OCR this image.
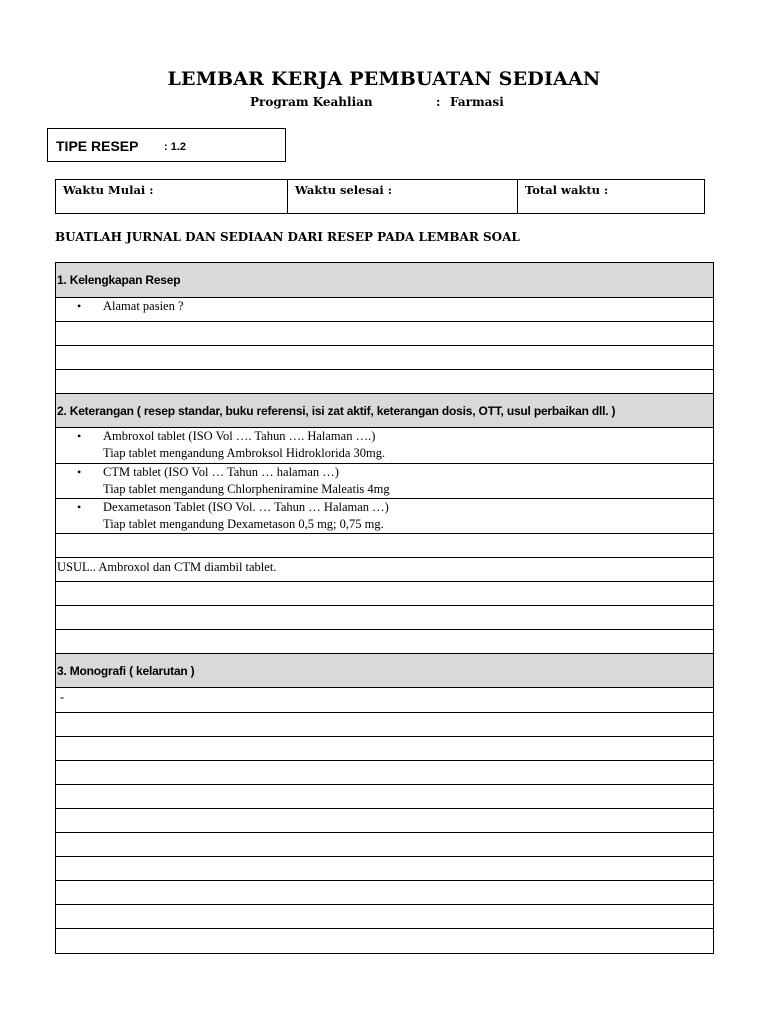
LEMBAR KERJA PEMBUATAN SEDIAAN
Program Keahlian	: Farmasi
TIPE RESEP : 1.2
Waktu Mulai :	Waktu selesai :	Total waktu :
BUATLAH JURNAL DAN SEDIAAN DARI RESEP PADA LEMBAR SOAL
1. Kelengkapan Resep
• Alamat pasien ?
2. Keterangan ( resep standar, buku referensi, isi zat aktif, keterangan dosis, OTT, usul perbaikan dll. )
• Ambroxol tablet (ISO Vol …. Tahun …. Halaman ….)
Tiap tablet mengandung Ambroksol Hidroklorida 30mg.
• CTM tablet (ISO Vol … Tahun … halaman …)
Tiap tablet mengandung Chlorpheniramine Maleatis 4mg
• Dexametason Tablet (ISO Vol. … Tahun … Halaman …)
Tiap tablet mengandung Dexametason 0,5 mg; 0,75 mg.
USUL.. Ambroxol dan CTM diambil tablet.
3. Monografi ( kelarutan )
-
